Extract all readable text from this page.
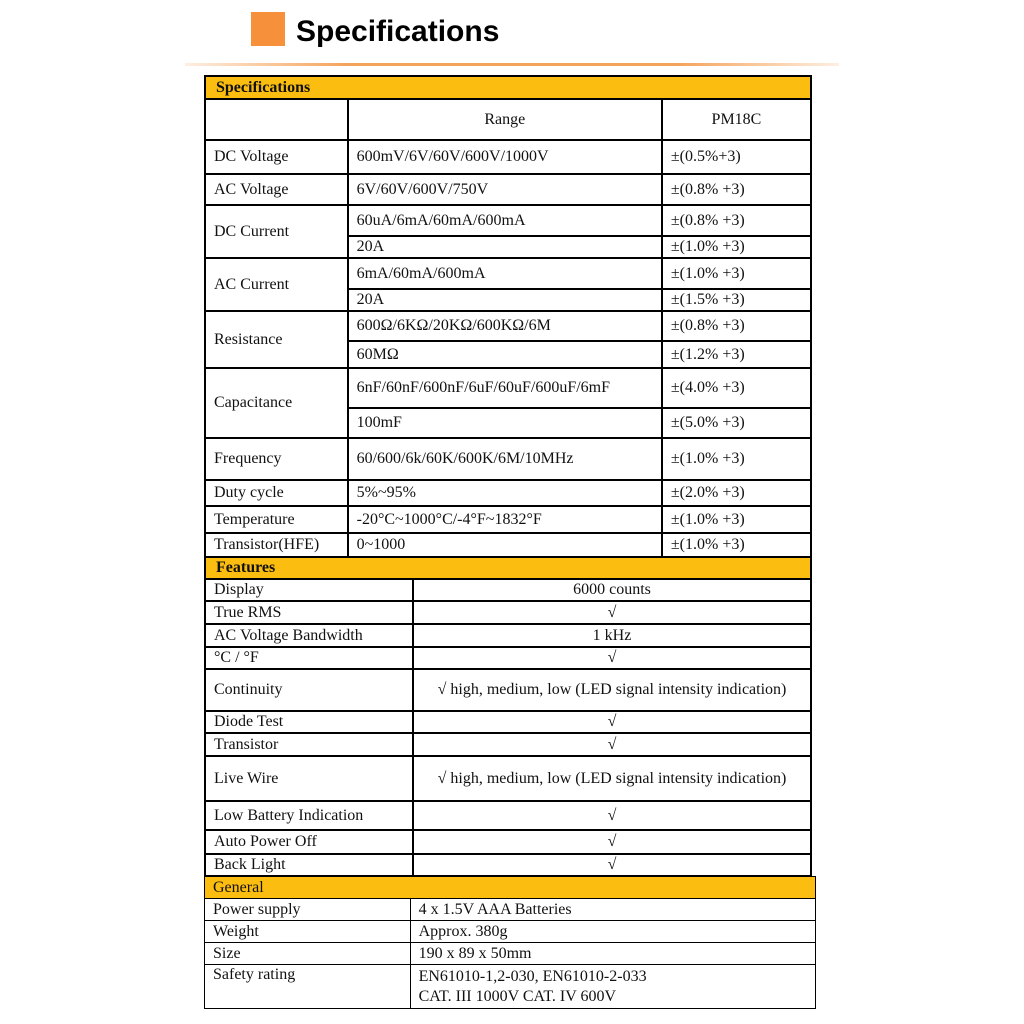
Specifications
Specifications		
	Range	PM18C
DC Voltage	600mV/6V/60V/600V/1000V	±(0.5%+3)
AC Voltage	6V/60V/600V/750V	±(0.8% +3)
DC Current	60uA/6mA/60mA/600mA	±(0.8% +3)
	20A	±(1.0% +3)
AC Current	6mA/60mA/600mA	±(1.0% +3)
	20A	±(1.5% +3)
Resistance	600Ω/6KΩ/20KΩ/600KΩ/6M	±(0.8% +3)
	60MΩ	±(1.2% +3)
Capacitance	6nF/60nF/600nF/6uF/60uF/600uF/6mF	±(4.0% +3)
	100mF	±(5.0% +3)
Frequency	60/600/6k/60K/600K/6M/10MHz	±(1.0% +3)
Duty cycle	5%~95%	±(2.0% +3)
Temperature	-20°C~1000°C/-4°F~1832°F	±(1.0% +3)
Transistor(HFE)	0~1000	±(1.0% +3)
Features	
Display	6000 counts
True RMS	√
AC Voltage Bandwidth	1 kHz
°C / °F	√
Continuity	√ high, medium, low (LED signal intensity indication)
Diode Test	√
Transistor	√
Live Wire	√ high, medium, low (LED signal intensity indication)
Low Battery Indication	√
Auto Power Off	√
Back Light	√
General	
Power supply	4 x 1.5V AAA Batteries
Weight	Approx. 380g
Size	190 x 89 x 50mm
Safety rating	EN61010-1,2-030, EN61010-2-033
CAT. III 1000V CAT. IV 600V
